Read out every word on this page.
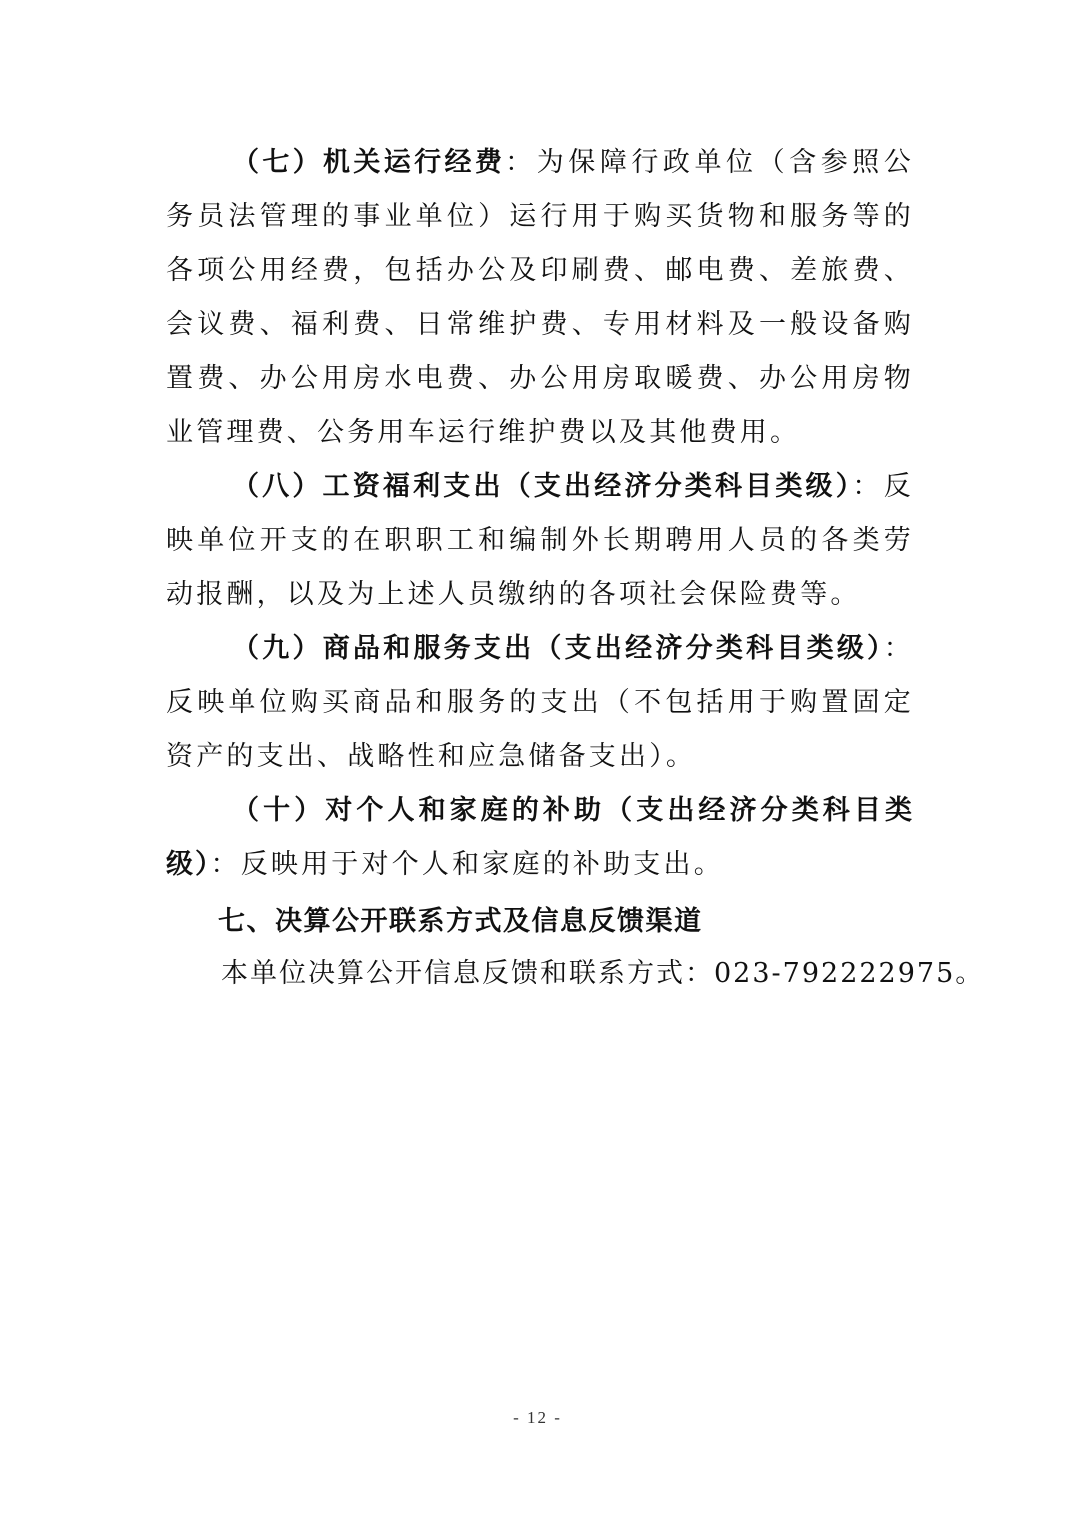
（七）机关运行经费：为保障行政单位（含参照公务员法管理的事业单位）运行用于购买货物和服务等的各项公用经费，包括办公及印刷费、邮电费、差旅费、会议费、福利费、日常维护费、专用材料及一般设备购置费、办公用房水电费、办公用房取暖费、办公用房物业管理费、公务用车运行维护费以及其他费用。

（八）工资福利支出（支出经济分类科目类级）：反映单位开支的在职职工和编制外长期聘用人员的各类劳动报酬，以及为上述人员缴纳的各项社会保险费等。

（九）商品和服务支出（支出经济分类科目类级）：反映单位购买商品和服务的支出（不包括用于购置固定资产的支出、战略性和应急储备支出）。

（十）对个人和家庭的补助（支出经济分类科目类级）：反映用于对个人和家庭的补助支出。

七、决算公开联系方式及信息反馈渠道

本单位决算公开信息反馈和联系方式：023-792222975。

- 12 -
